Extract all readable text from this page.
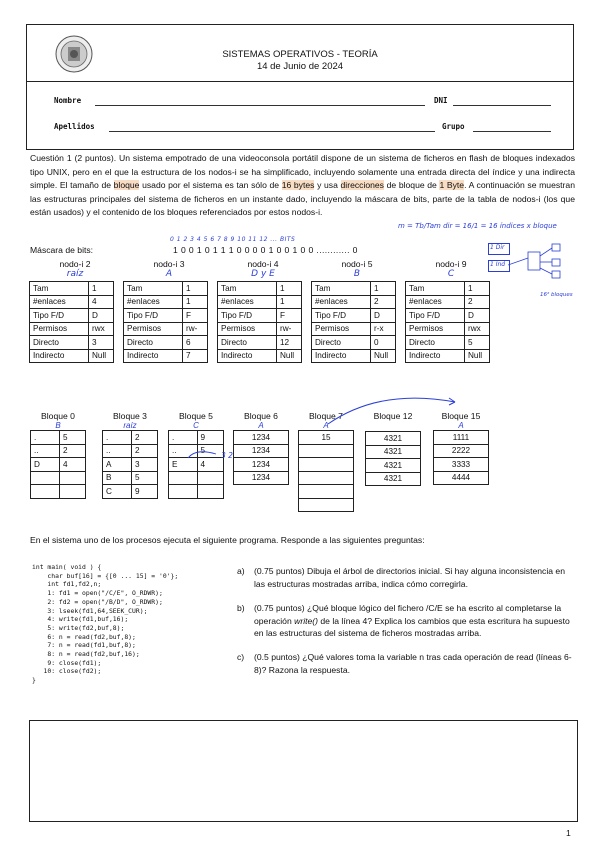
SISTEMAS OPERATIVOS - TEORÍA
14 de Junio de 2024
Nombre	DNI
Apellidos	Grupo
Cuestión 1 (2 puntos). Un sistema empotrado de una videoconsola portátil dispone de un sistema de ficheros en flash de bloques indexados tipo UNIX, pero en el que la estructura de los nodos-i se ha simplificado, incluyendo solamente una entrada directa del índice y una indirecta simple. El tamaño de bloque usado por el sistema es tan sólo de 16 bytes y usa direcciones de bloque de 1 Byte. A continuación se muestran las estructuras principales del sistema de ficheros en un instante dado, incluyendo la máscara de bits, parte de la tabla de nodos-i (los que están usados) y el contenido de los bloques referenciados por estos nodos-i.
0 1 2 3 4 5 6 7 8 9 10 11 12 ... BITS
m = Tb/Tam dir = 16/1 = 16 índices x bloque
1 Dir
1 Ind
16² bloques
Máscara de bits:	1 0 0 1 0 1 1 1 0 0 0 0 1 0 0 1 0 0 ............ 0
nodo-i 2
raíz
Tam	1
#enlaces	4
Tipo F/D	D
Permisos	rwx
Directo	3
Indirecto	Null
nodo-i 3
A
Tam	1
#enlaces	1
Tipo F/D	F
Permisos	rw-
Directo	6
Indirecto	7
nodo-i 4
D y E
Tam	1
#enlaces	1
Tipo F/D	F
Permisos	rw-
Directo	12
Indirecto	Null
nodo-i 5
B
Tam	1
#enlaces	2
Tipo F/D	D
Permisos	r-x
Directo	0
Indirecto	Null
nodo-i 9
C
Tam	1
#enlaces	2
Tipo F/D	D
Permisos	rwx
Directo	5
Indirecto	Null
Bloque 0
B
.	5
..	2
D	4

Bloque 3
raíz
.	2
..	2
A	3
B	5
C	9
Bloque 5
C
.	9
..	5
E	4

3 2
Bloque 6
A
1234
1234
1234
1234
Bloque 7
A
15

Bloque 12
4321
4321
4321
4321
Bloque 15
A
1111
2222
3333
4444
En el sistema uno de los procesos ejecuta el siguiente programa. Responde a las siguientes preguntas:
int main( void ) {
char buf[16] = {[0 ... 15] = '0'};
int fd1,fd2,n;
1: fd1 = open("/C/E", O_RDWR);
2: fd2 = open("/B/D", O_RDWR);
3: lseek(fd1,64,SEEK_CUR);
4: write(fd1,buf,16);
5: write(fd2,buf,8);
6: n = read(fd2,buf,8);
7: n = read(fd1,buf,8);
8: n = read(fd2,buf,16);
9: close(fd1);
10: close(fd2);
}
a) (0.75 puntos) Dibuja el árbol de directorios inicial. Si hay alguna inconsistencia en las estructuras mostradas arriba, indica cómo corregirla.
b) (0.75 puntos) ¿Qué bloque lógico del fichero /C/E se ha escrito al completarse la operación write() de la línea 4? Explica los cambios que esta escritura ha supuesto en las estructuras del sistema de ficheros mostradas arriba.
c) (0.5 puntos) ¿Qué valores toma la variable n tras cada operación de read (líneas 6-8)? Razona la respuesta.
1
